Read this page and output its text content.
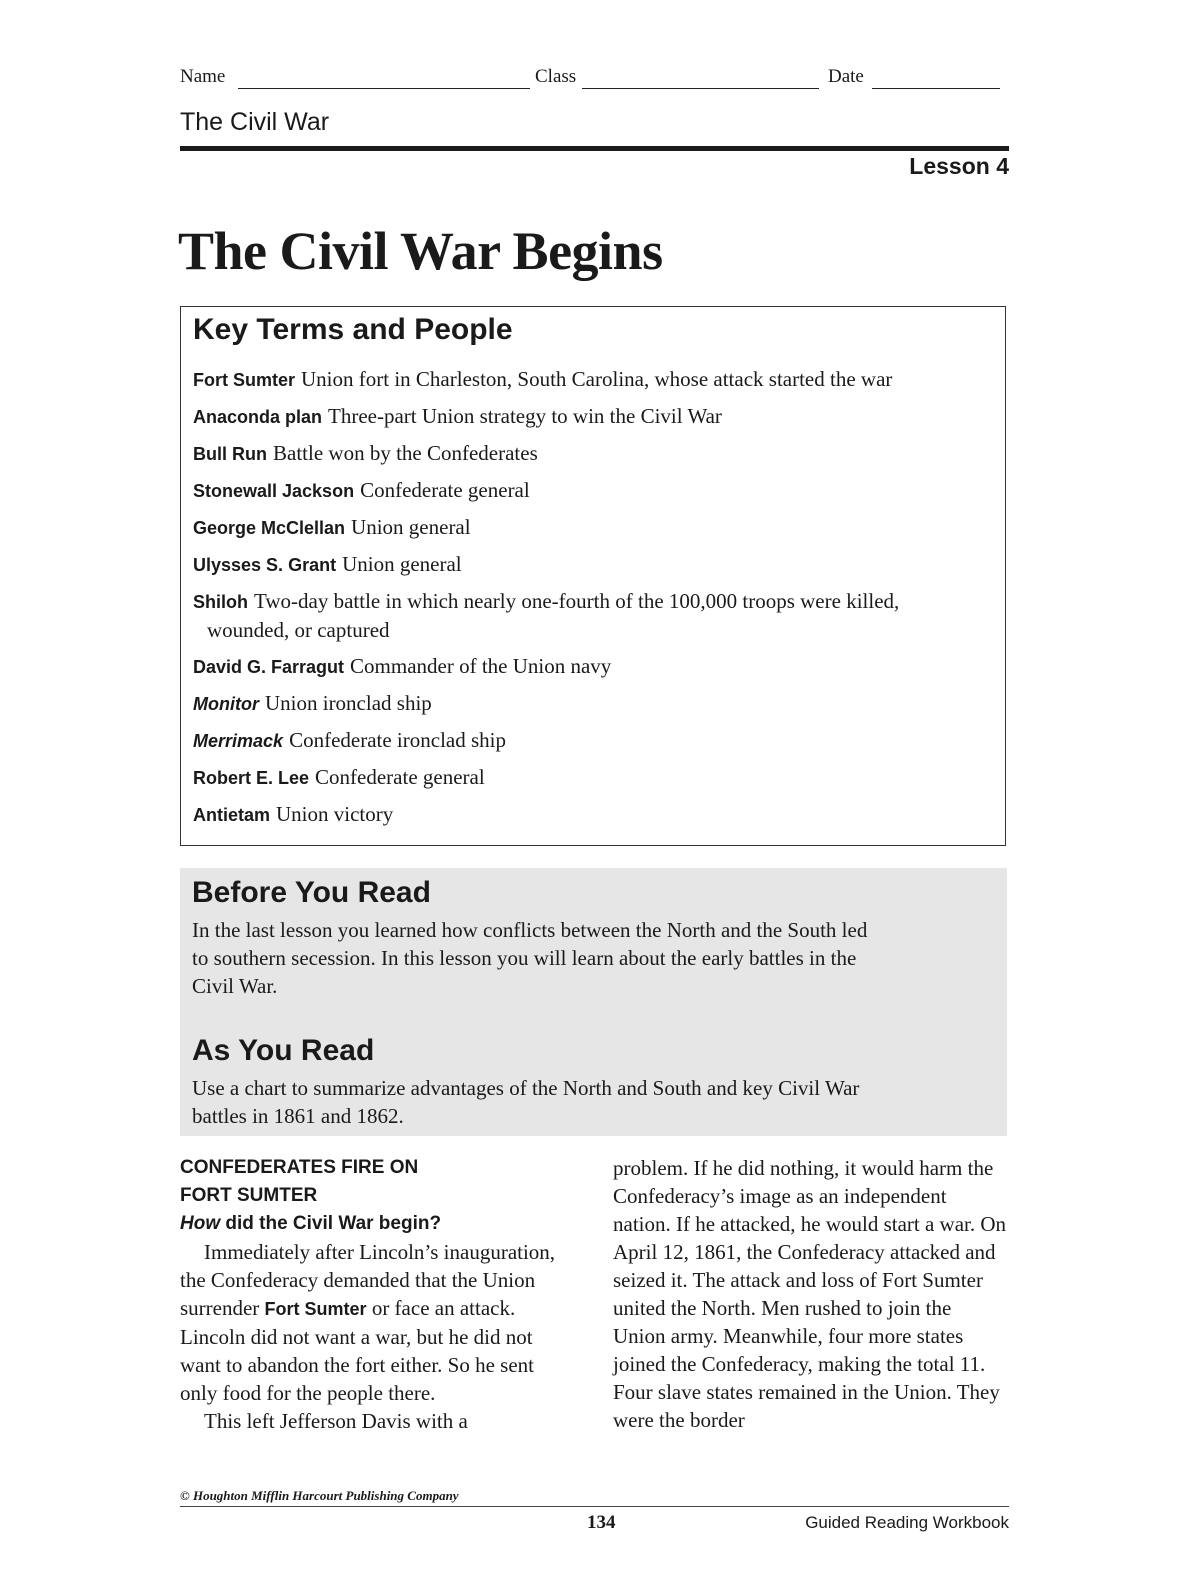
Name	Class	Date
The Civil War
Lesson 4
The Civil War Begins
Key Terms and People
Fort Sumter Union fort in Charleston, South Carolina, whose attack started the war
Anaconda plan Three-part Union strategy to win the Civil War
Bull Run Battle won by the Confederates
Stonewall Jackson Confederate general
George McClellan Union general
Ulysses S. Grant Union general
Shiloh Two-day battle in which nearly one-fourth of the 100,000 troops were killed, wounded, or captured
David G. Farragut Commander of the Union navy
Monitor Union ironclad ship
Merrimack Confederate ironclad ship
Robert E. Lee Confederate general
Antietam Union victory
Before You Read

In the last lesson you learned how conflicts between the North and the South led to southern secession. In this lesson you will learn about the early battles in the Civil War.

As You Read

Use a chart to summarize advantages of the North and South and key Civil War battles in 1861 and 1862.

CONFEDERATES FIRE ON
FORT SUMTER

How did the Civil War begin?

Immediately after Lincoln’s inauguration, the Confederacy demanded that the Union surrender Fort Sumter or face an attack. Lincoln did not want a war, but he did not want to abandon the fort either. So he sent only food for the people there.

This left Jefferson Davis with a

problem. If he did nothing, it would harm the Confederacy’s image as an independent nation. If he attacked, he would start a war. On April 12, 1861, the Confederacy attacked and seized it. The attack and loss of Fort Sumter united the North. Men rushed to join the Union army. Meanwhile, four more states joined the Confederacy, making the total 11. Four slave states remained in the Union. They were the border

© Houghton Mifflin Harcourt Publishing Company
134	Guided Reading Workbook
